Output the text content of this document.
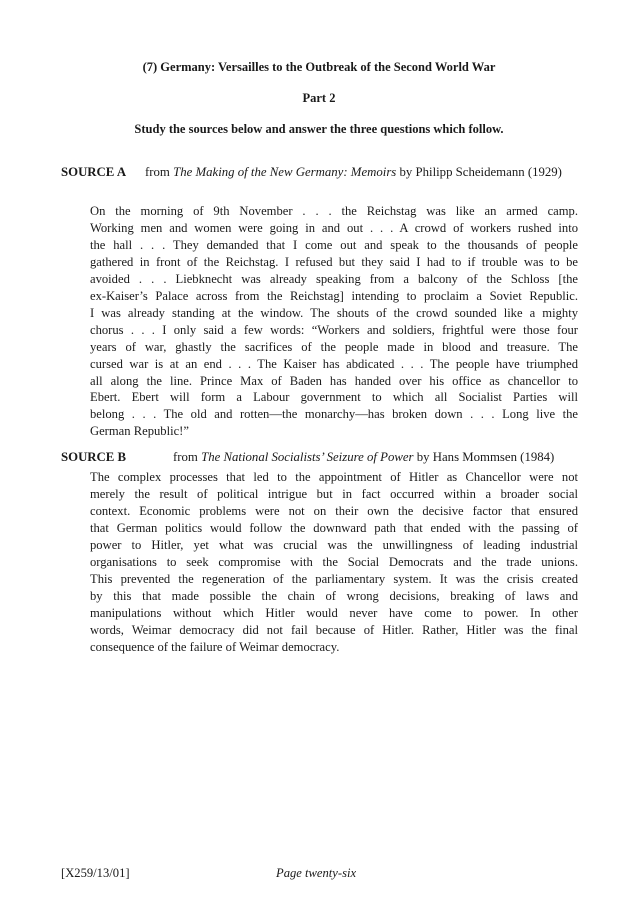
(7) Germany: Versailles to the Outbreak of the Second World War
Part 2
Study the sources below and answer the three questions which follow.
SOURCE A from The Making of the New Germany: Memoirs by Philipp Scheidemann (1929)

On the morning of 9th November . . . the Reichstag was like an armed camp.
Working men and women were going in and out . . . A crowd of workers rushed into
the hall . . . They demanded that I come out and speak to the thousands of people
gathered in front of the Reichstag. I refused but they said I had to if trouble was to be
avoided . . . Liebknecht was already speaking from a balcony of the Schloss [the
ex-Kaiser’s Palace across from the Reichstag] intending to proclaim a Soviet Republic.
I was already standing at the window. The shouts of the crowd sounded like a mighty
chorus . . . I only said a few words: “Workers and soldiers, frightful were those four
years of war, ghastly the sacrifices of the people made in blood and treasure. The
cursed war is at an end . . . The Kaiser has abdicated . . . The people have triumphed
all along the line. Prince Max of Baden has handed over his office as chancellor to
Ebert. Ebert will form a Labour government to which all Socialist Parties will
belong . . . The old and rotten—the monarchy—has broken down . . . Long live the
German Republic!”

SOURCE B	from The National Socialists’ Seizure of Power by Hans Mommsen (1984)

The complex processes that led to the appointment of Hitler as Chancellor were not
merely the result of political intrigue but in fact occurred within a broader social
context. Economic problems were not on their own the decisive factor that ensured
that German politics would follow the downward path that ended with the passing of
power to Hitler, yet what was crucial was the unwillingness of leading industrial
organisations to seek compromise with the Social Democrats and the trade unions.
This prevented the regeneration of the parliamentary system. It was the crisis created
by this that made possible the chain of wrong decisions, breaking of laws and
manipulations without which Hitler would never have come to power. In other
words, Weimar democracy did not fail because of Hitler. Rather, Hitler was the final
consequence of the failure of Weimar democracy.

[X259/13/01]	Page twenty-six
